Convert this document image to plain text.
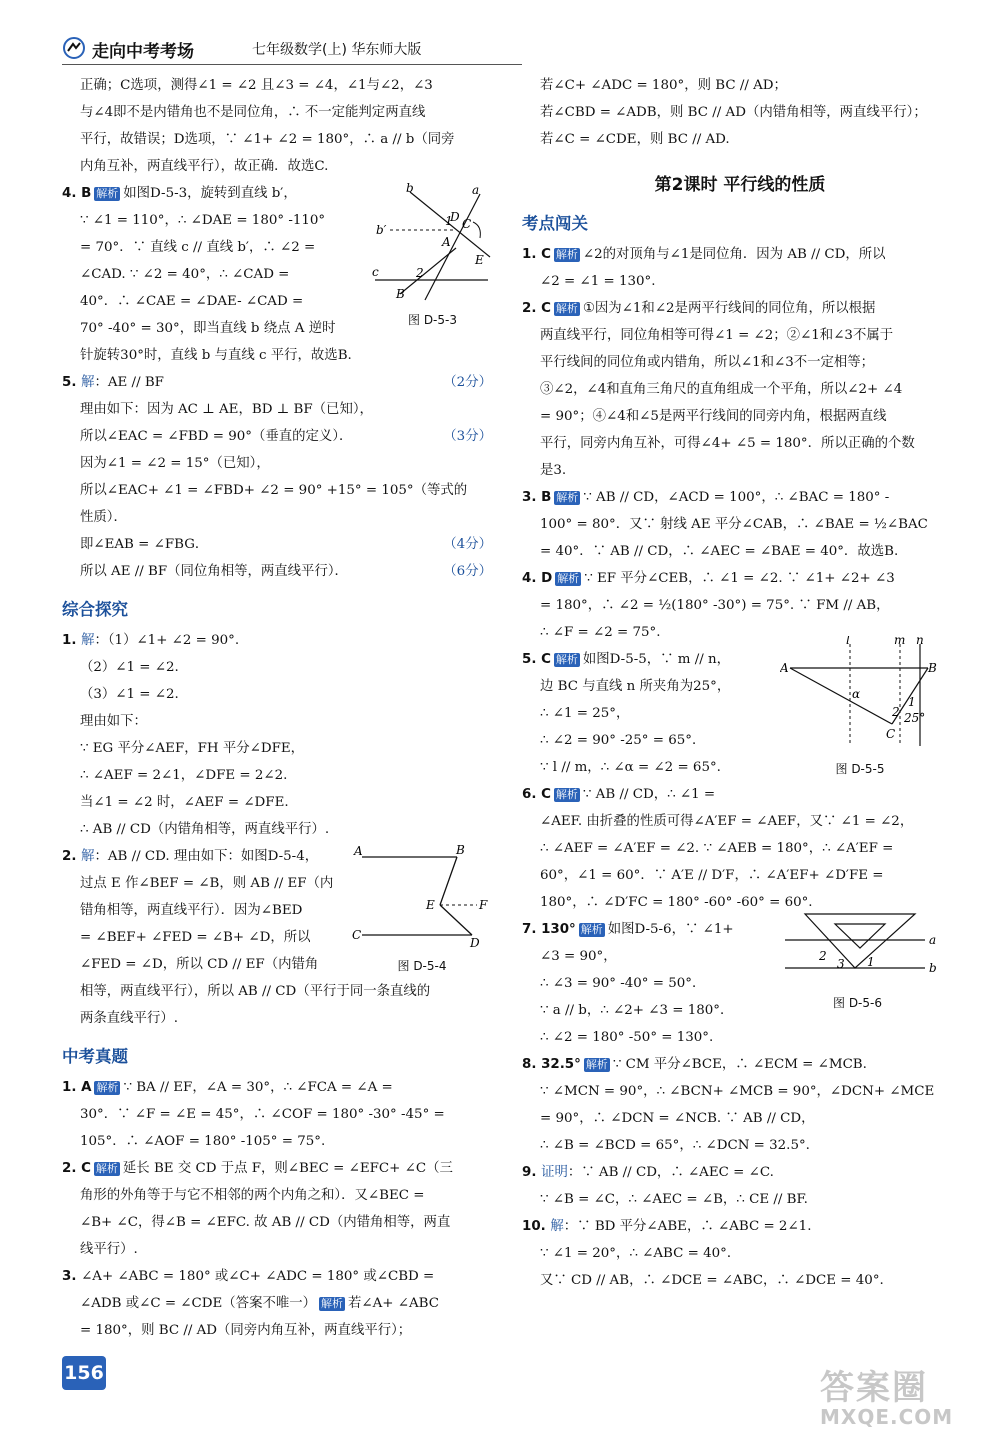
走向中考考场	七年级数学(上) 华东师大版

正确；C选项，测得∠1 = ∠2 且∠3 = ∠4，∠1与∠2，∠3

与∠4即不是内错角也不是同位角，∴ 不一定能判定两直线

平行，故错误；D选项，∵ ∠1+ ∠2 = 180°，∴ a // b（同旁

内角互补，两直线平行），故正确．故选C.

4. B 解析 如图D-5-3，旋转到直线 b′，

∵ ∠1 = 110°，∴ ∠DAE = 180° -110°

= 70°．∵ 直线 c // 直线 b′，∴ ∠2 =

∠CAD. ∵ ∠2 = 40°，∴ ∠CAD =

40°．∴ ∠CAE = ∠DAE- ∠CAD =

70° -40° = 30°，即当直线 b 绕点 A 逆时

针旋转30°时，直线 b 与直线 c 平行，故选B.

b	a
D
1 C
b′
A
E
c	2
B
图 D-5-3

5. 解：AE // BF	（2分）

理由如下：因为 AC ⊥ AE，BD ⊥ BF（已知），

所以∠EAC = ∠FBD = 90°（垂直的定义）．	（3分）

因为∠1 = ∠2 = 15°（已知），

所以∠EAC+ ∠1 = ∠FBD+ ∠2 = 90° +15° = 105°（等式的

性质）．

即∠EAB = ∠FBG．	（4分）

所以 AE // BF（同位角相等，两直线平行）．	（6分）

综合探究

1. 解：（1）∠1+ ∠2 = 90°.

（2）∠1 = ∠2.

（3）∠1 = ∠2.

理由如下：

∵ EG 平分∠AEF，FH 平分∠DFE，

∴ ∠AEF = 2∠1，∠DFE = 2∠2.

当∠1 = ∠2 时，∠AEF = ∠DFE.

∴ AB // CD（内错角相等，两直线平行）.

2. 解：AB // CD. 理由如下：如图D-5-4，

过点 E 作∠BEF = ∠B，则 AB // EF（内

错角相等，两直线平行）．因为∠BED

= ∠BEF+ ∠FED = ∠B+ ∠D，所以

∠FED = ∠D，所以 CD // EF（内错角

相等，两直线平行），所以 AB // CD（平行于同一条直线的

两条直线平行）.

A	B
E	F
C
D
图 D-5-4
中考真题

1. A 解析 ∵ BA // EF，∠A = 30°，∴ ∠FCA = ∠A =

30°．∵ ∠F = ∠E = 45°，∴ ∠COF = 180° -30° -45° =

105°．∴ ∠AOF = 180° -105° = 75°.

2. C 解析 延长 BE 交 CD 于点 F，则∠BEC = ∠EFC+ ∠C（三

角形的外角等于与它不相邻的两个内角之和）．又∠BEC =

∠B+ ∠C，得∠B = ∠EFC. 故 AB // CD（内错角相等，两直

线平行）.

3. ∠A+ ∠ABC = 180° 或∠C+ ∠ADC = 180° 或∠CBD =

∠ADB 或∠C = ∠CDE（答案不唯一） 解析 若∠A+ ∠ABC

= 180°，则 BC // AD（同旁内角互补，两直线平行）；

若∠C+ ∠ADC = 180°，则 BC // AD；

若∠CBD = ∠ADB，则 BC // AD（内错角相等，两直线平行）；

若∠C = ∠CDE，则 BC // AD.

第2课时 平行线的性质
考点闯关

1. C 解析 ∠2的对顶角与∠1是同位角．因为 AB // CD，所以

∠2 = ∠1 = 130°.

2. C 解析 ①因为∠1和∠2是两平行线间的同位角，所以根据

两直线平行，同位角相等可得∠1 = ∠2；②∠1和∠3不属于

平行线间的同位角或内错角，所以∠1和∠3不一定相等；

③∠2，∠4和直角三角尺的直角组成一个平角，所以∠2+ ∠4

= 90°；④∠4和∠5是两平行线间的同旁内角，根据两直线

平行，同旁内角互补，可得∠4+ ∠5 = 180°．所以正确的个数

是3.

3. B 解析 ∵ AB // CD，∠ACD = 100°，∴ ∠BAC = 180° -

100° = 80°．又∵ 射线 AE 平分∠CAB，∴ ∠BAE = ½∠BAC

= 40°．∵ AB // CD，∴ ∠AEC = ∠BAE = 40°．故选B.

4. D 解析 ∵ EF 平分∠CEB，∴ ∠1 = ∠2. ∵ ∠1+ ∠2+ ∠3

= 180°，∴ ∠2 = ½(180° -30°) = 75°. ∵ FM // AB，

∴ ∠F = ∠2 = 75°.

5. C 解析 如图D-5-5，∵ m // n，

边 BC 与直线 n 所夹角为25°，

∴ ∠1 = 25°，

∴ ∠2 = 90° -25° = 65°．

∵ l // m，∴ ∠α = ∠2 = 65°.

l	m n
A	B
α
1
2 25°
C
图 D-5-5

6. C 解析 ∵ AB // CD，∴ ∠1 =

∠AEF. 由折叠的性质可得∠A′EF = ∠AEF，又∵ ∠1 = ∠2，

∴ ∠AEF = ∠A′EF = ∠2. ∵ ∠AEB = 180°，∴ ∠A′EF =

60°，∠1 = 60°．∵ A′E // D′F，∴ ∠A′EF+ ∠D′FE =

180°，∴ ∠D′FC = 180° -60° -60° = 60°.

7. 130° 解析 如图D-5-6，∵ ∠1+

∠3 = 90°，

∴ ∠3 = 90° -40° = 50°．

∵ a // b，∴ ∠2+ ∠3 = 180°．

∴ ∠2 = 180° -50° = 130°.

a
2
3 1	b
图 D-5-6

8. 32.5° 解析 ∵ CM 平分∠BCE，∴ ∠ECM = ∠MCB.

∵ ∠MCN = 90°，∴ ∠BCN+ ∠MCB = 90°，∠DCN+ ∠MCE

= 90°，∴ ∠DCN = ∠NCB. ∵ AB // CD，

∴ ∠B = ∠BCD = 65°，∴ ∠DCN = 32.5°.

9. 证明：∵ AB // CD，∴ ∠AEC = ∠C.

∵ ∠B = ∠C，∴ ∠AEC = ∠B，∴ CE // BF.

10. 解：∵ BD 平分∠ABE，∴ ∠ABC = 2∠1.

∵ ∠1 = 20°，∴ ∠ABC = 40°．

又∵ CD // AB，∴ ∠DCE = ∠ABC，∴ ∠DCE = 40°.

156	答案圈
MXQE.COM
